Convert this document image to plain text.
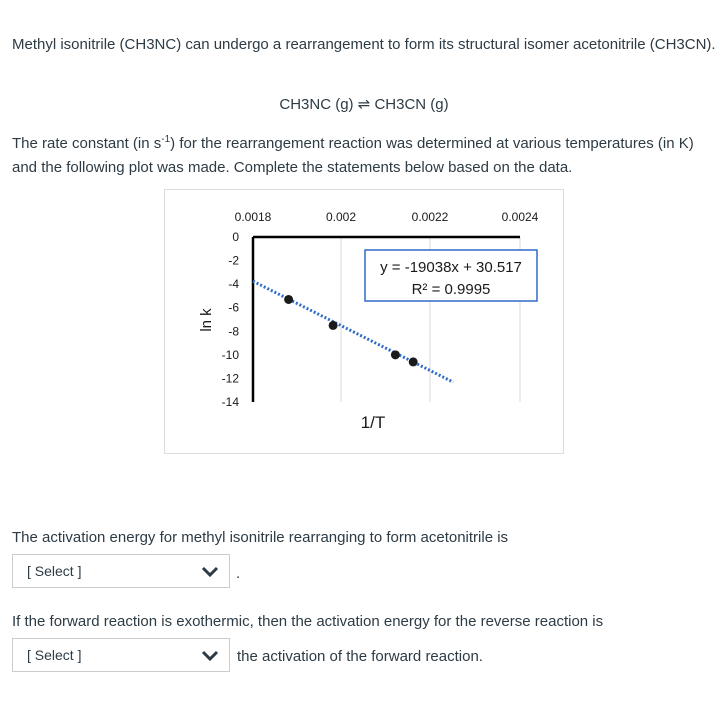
Methyl isonitrile (CH3NC) can undergo a rearrangement to form its structural isomer acetonitrile (CH3CN).
CH3NC (g) ⇌ CH3CN (g)
The rate constant (in $s^{-1}$) for the rearrangement reaction was determined at various temperatures (in K) and the following plot was made. Complete the statements below based on the data.
0.0018	0.002	0.0022	0.0024
0
-2
-4
-6
-8
-10
-12
-14
y = -19038x + 30.517
R² = 0.9995
1/T
ln k
The activation energy for methyl isonitrile rearranging to form acetonitrile is
[ Select ]	.
If the forward reaction is exothermic, then the activation energy for the reverse reaction is
[ Select ]	the activation of the forward reaction.
